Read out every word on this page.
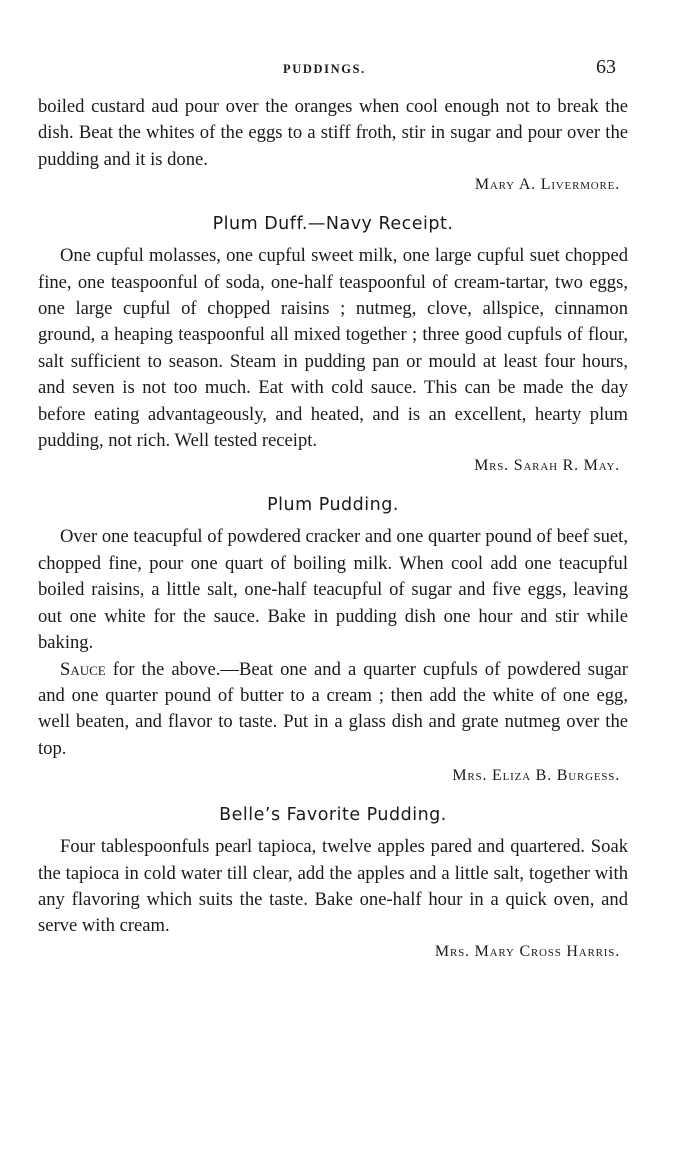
PUDDINGS.	63

boiled custard aud pour over the oranges when cool enough not to break the dish. Beat the whites of the eggs to a stiff froth, stir in sugar and pour over the pudding and it is done.

Mary A. Livermore.
Plum Duff.—Navy Receipt.

One cupful molasses, one cupful sweet milk, one large cupful suet chopped fine, one teaspoonful of soda, one-half teaspoonful of cream-tartar, two eggs, one large cupful of chopped raisins ; nutmeg, clove, allspice, cinnamon ground, a heaping teaspoonful all mixed together ; three good cupfuls of flour, salt sufficient to season. Steam in pudding pan or mould at least four hours, and seven is not too much. Eat with cold sauce. This can be made the day before eating advantageously, and heated, and is an excellent, hearty plum pudding, not rich. Well tested receipt.

Mrs. Sarah R. May.
Plum Pudding.

Over one teacupful of powdered cracker and one quarter pound of beef suet, chopped fine, pour one quart of boiling milk. When cool add one teacupful boiled raisins, a little salt, one-half teacupful of sugar and five eggs, leaving out one white for the sauce. Bake in pudding dish one hour and stir while baking.

Sauce for the above.—Beat one and a quarter cupfuls of powdered sugar and one quarter pound of butter to a cream ; then add the white of one egg, well beaten, and flavor to taste. Put in a glass dish and grate nutmeg over the top.

Mrs. Eliza B. Burgess.
Belle’s Favorite Pudding.

Four tablespoonfuls pearl tapioca, twelve apples pared and quartered. Soak the tapioca in cold water till clear, add the apples and a little salt, together with any flavoring which suits the taste. Bake one-half hour in a quick oven, and serve with cream.

Mrs. Mary Cross Harris.
